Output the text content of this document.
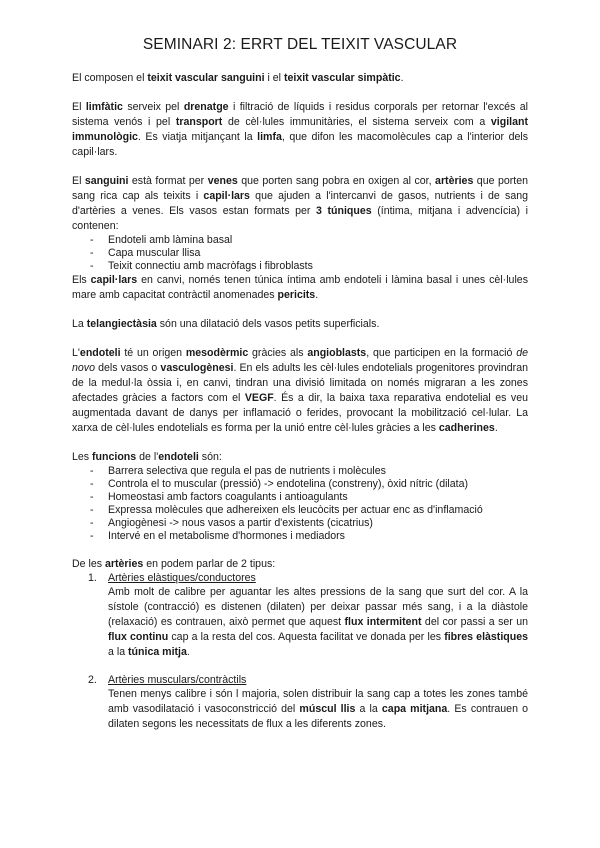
SEMINARI 2: ERRT DEL TEIXIT VASCULAR

El composen el teixit vascular sanguini i el teixit vascular simpàtic.

El limfàtic serveix pel drenatge i filtració de líquids i residus corporals per retornar l'excés al sistema venós i pel transport de cèl·lules immunitàries, el sistema serveix com a vigilant immunològic. Es viatja mitjançant la limfa, que difon les macomolècules cap a l'interior dels capil·lars.

El sanguini està format per venes que porten sang pobra en oxigen al cor, artèries que porten sang rica cap als teixits i capil·lars que ajuden a l'intercanvi de gasos, nutrients i de sang d'artèries a venes. Els vasos estan formats per 3 túniques (íntima, mitjana i advencícia) i contenen:

- Endoteli amb làmina basal
- Capa muscular llisa
- Teixit connectiu amb macròfags i fibroblasts

Els capil·lars en canvi, només tenen túnica íntima amb endoteli i làmina basal i unes cèl·lules mare amb capacitat contràctil anomenades pericits.

La telangiectàsia són una dilatació dels vasos petits superficials.

L'endoteli té un origen mesodèrmic gràcies als angioblasts, que participen en la formació de novo dels vasos o vasculogènesi. En els adults les cèl·lules endotelials progenitores provindran de la medul·la òssia i, en canvi, tindran una divisió limitada on només migraran a les zones afectades gràcies a factors com el VEGF. És a dir, la baixa taxa reparativa endotelial es veu augmentada davant de danys per inflamació o ferides, provocant la mobilització cel·lular. La xarxa de cèl·lules endotelials es forma per la unió entre cèl·lules gràcies a les cadherines.

Les funcions de l'endoteli són:

- Barrera selectiva que regula el pas de nutrients i molècules
- Controla el to muscular (pressió) -> endotelina (constreny), òxid nítric (dilata)
- Homeostasi amb factors coagulants i antioagulants
- Expressa molècules que adhereixen els leucòcits per actuar enc as d'inflamació
- Angiogènesi -> nous vasos a partir d'existents (cicatrius)
- Intervé en el metabolisme d'hormones i mediadors

De les artèries en podem parlar de 2 tipus:

1. Artèries elàstiques/conductores

Amb molt de calibre per aguantar les altes pressions de la sang que surt del cor. A la sístole (contracció) es distenen (dilaten) per deixar passar més sang, i a la diàstole (relaxació) es contrauen, això permet que aquest flux intermitent del cor passi a ser un flux continu cap a la resta del cos. Aquesta facilitat ve donada per les fibres elàstiques a la túnica mitja.

2. Artèries musculars/contràctils

Tenen menys calibre i són l majoria, solen distribuir la sang cap a totes les zones també amb vasodilatació i vasoconstricció del múscul llis a la capa mitjana. Es contrauen o dilaten segons les necessitats de flux a les diferents zones.
